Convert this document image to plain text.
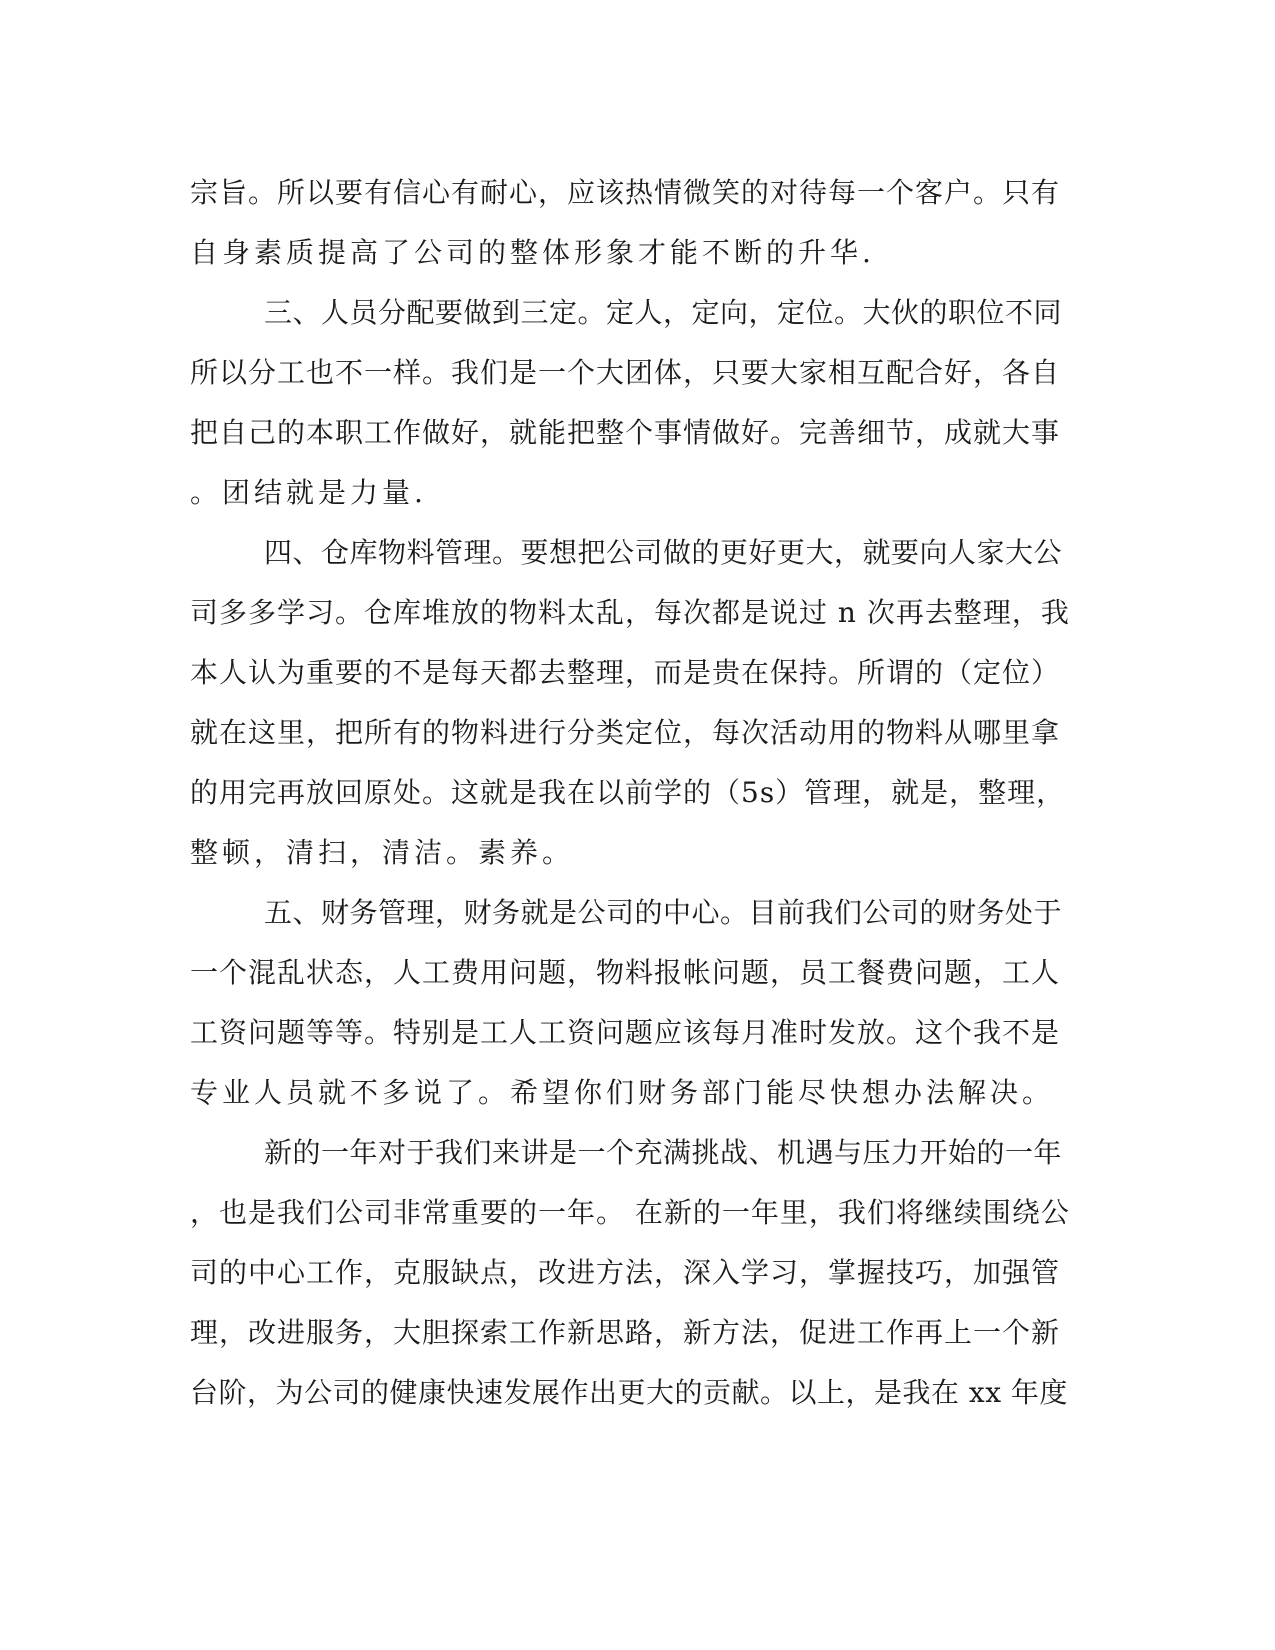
宗旨。所以要有信心有耐心，应该热情微笑的对待每一个客户。只有
自身素质提高了公司的整体形象才能不断的升华.
三、人员分配要做到三定。定人，定向，定位。大伙的职位不同
所以分工也不一样。我们是一个大团体，只要大家相互配合好，各自
把自己的本职工作做好，就能把整个事情做好。完善细节，成就大事
。团结就是力量.
四、仓库物料管理。要想把公司做的更好更大，就要向人家大公
司多多学习。仓库堆放的物料太乱，每次都是说过 n 次再去整理，我
本人认为重要的不是每天都去整理，而是贵在保持。所谓的（定位）
就在这里，把所有的物料进行分类定位，每次活动用的物料从哪里拿
的用完再放回原处。这就是我在以前学的（5s）管理，就是，整理，
整顿，清扫，清洁。素养。
五、财务管理，财务就是公司的中心。目前我们公司的财务处于
一个混乱状态，人工费用问题，物料报帐问题，员工餐费问题，工人
工资问题等等。特别是工人工资问题应该每月准时发放。这个我不是
专业人员就不多说了。希望你们财务部门能尽快想办法解决。
新的一年对于我们来讲是一个充满挑战、机遇与压力开始的一年
，也是我们公司非常重要的一年。 在新的一年里，我们将继续围绕公
司的中心工作，克服缺点，改进方法，深入学习，掌握技巧，加强管
理，改进服务，大胆探索工作新思路，新方法，促进工作再上一个新
台阶，为公司的健康快速发展作出更大的贡献。以上，是我在 xx 年度
